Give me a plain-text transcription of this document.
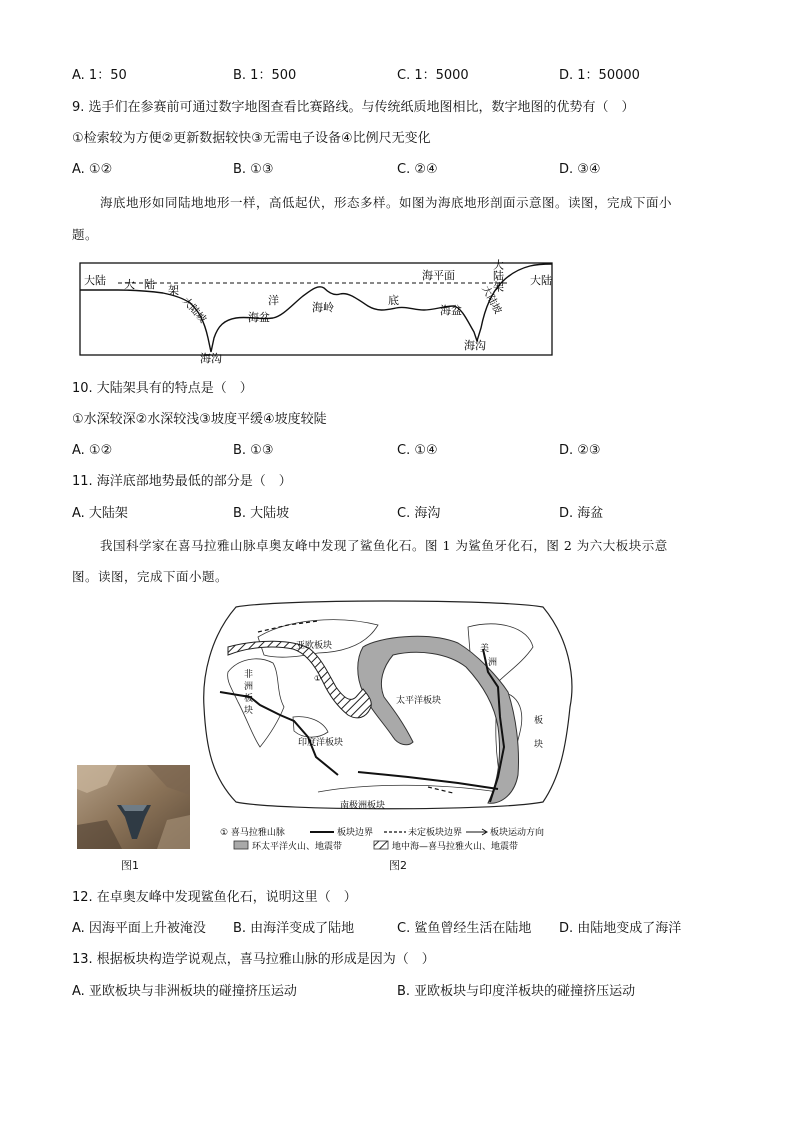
A. 1：50	B. 1：500	C. 1：5000	D. 1：50000
9. 选手们在参赛前可通过数字地图查看比赛路线。与传统纸质地图相比，数字地图的优势有（　）
①检索较为方便②更新数据较快③无需电子设备④比例尺无变化
A. ①②	B. ①③	C. ②④	D. ③④
海底地形如同陆地地形一样，高低起伏，形态多样。如图为海底地形剖面示意图。读图，完成下面小
题。
大陆	大陆
大 陆 架
大陆坡
海沟
洋
海盆
海岭
海平面
底
海盆
海沟
大陆架
大陆坡
10. 大陆架具有的特点是（　）
①水深较深②水深较浅③坡度平缓④坡度较陡
A. ①②	B. ①③	C. ①④	D. ②③
11. 海洋底部地势最低的部分是（　）
A. 大陆架	B. 大陆坡	C. 海沟	D. 海盆
我国科学家在喜马拉雅山脉卓奥友峰中发现了鲨鱼化石。图 1 为鲨鱼牙化石，图 2 为六大板块示意
图。读图，完成下面小题。
图1
亚欧板块
非
洲
板
块
美
洲
板
块
太平洋板块
印度洋板块
南极洲板块
①
① 喜马拉雅山脉	板块边界	未定板块边界	板块运动方向
环太平洋火山、地震带	地中海—喜马拉雅火山、地震带
图2
12. 在卓奥友峰中发现鲨鱼化石，说明这里（　）
A. 因海平面上升被淹没 B. 由海洋变成了陆地	C. 鲨鱼曾经生活在陆地 D. 由陆地变成了海洋
13. 根据板块构造学说观点，喜马拉雅山脉的形成是因为（　）
A. 亚欧板块与非洲板块的碰撞挤压运动	B. 亚欧板块与印度洋板块的碰撞挤压运动
